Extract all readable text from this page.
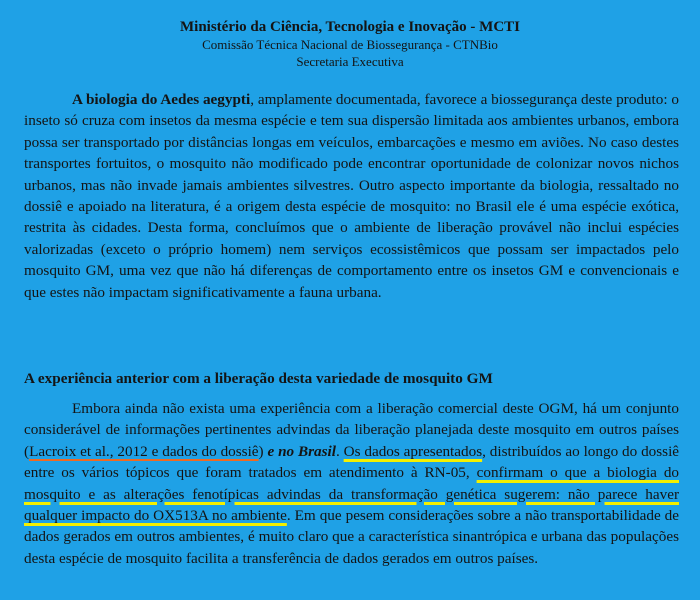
Ministério da Ciência, Tecnologia e Inovação - MCTI
Comissão Técnica Nacional de Biossegurança - CTNBio
Secretaria Executiva
A biologia do Aedes aegypti, amplamente documentada, favorece a biossegurança deste produto: o inseto só cruza com insetos da mesma espécie e tem sua dispersão limitada aos ambientes urbanos, embora possa ser transportado por distâncias longas em veículos, embarcações e mesmo em aviões. No caso destes transportes fortuitos, o mosquito não modificado pode encontrar oportunidade de colonizar novos nichos urbanos, mas não invade jamais ambientes silvestres. Outro aspecto importante da biologia, ressaltado no dossiê e apoiado na literatura, é a origem desta espécie de mosquito: no Brasil ele é uma espécie exótica, restrita às cidades. Desta forma, concluímos que o ambiente de liberação provável não inclui espécies valorizadas (exceto o próprio homem) nem serviços ecossistêmicos que possam ser impactados pelo mosquito GM, uma vez que não há diferenças de comportamento entre os insetos GM e convencionais e que estes não impactam significativamente a fauna urbana.
A experiência anterior com a liberação desta variedade de mosquito GM
Embora ainda não exista uma experiência com a liberação comercial deste OGM, há um conjunto considerável de informações pertinentes advindas da liberação planejada deste mosquito em outros países (Lacroix et al., 2012 e dados do dossiê) e no Brasil. Os dados apresentados, distribuídos ao longo do dossiê entre os vários tópicos que foram tratados em atendimento à RN-05, confirmam o que a biologia do mosquito e as alterações fenotípicas advindas da transformação genética sugerem: não parece haver qualquer impacto do OX513A no ambiente. Em que pesem considerações sobre a não transportabilidade de dados gerados em outros ambientes, é muito claro que a característica sinantrópica e urbana das populações desta espécie de mosquito facilita a transferência de dados gerados em outros países.
